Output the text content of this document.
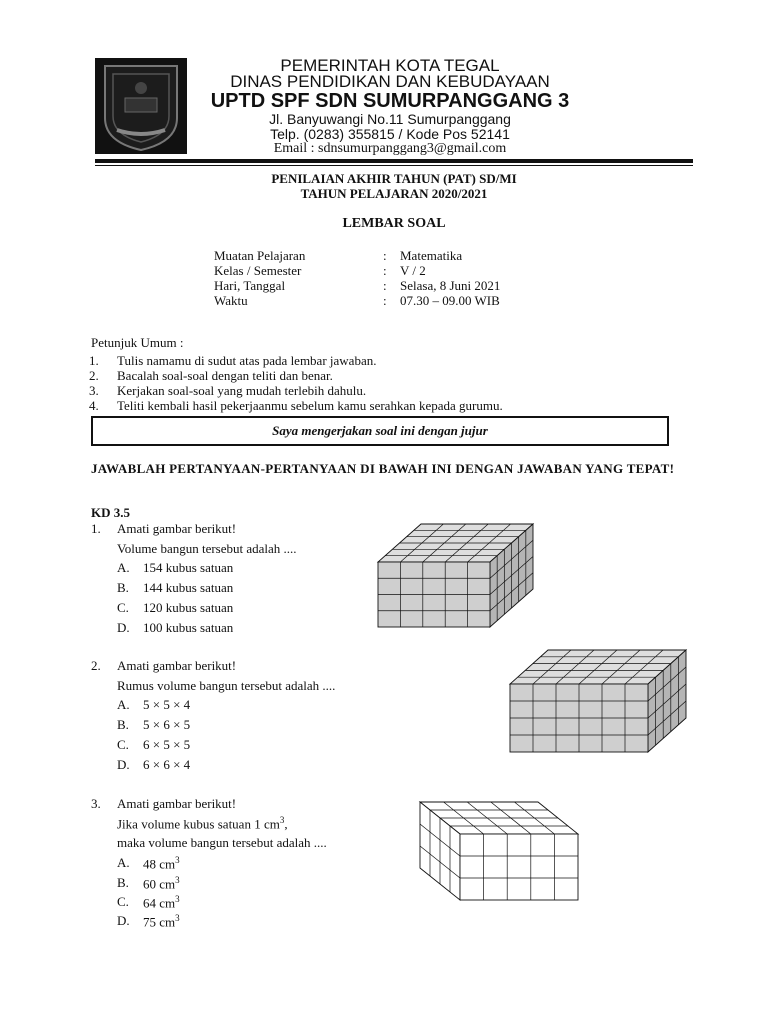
PEMERINTAH KOTA TEGAL
DINAS PENDIDIKAN DAN KEBUDAYAAN
UPTD SPF SDN SUMURPANGGANG 3
Jl. Banyuwangi No.11 Sumurpanggang
Telp. (0283) 355815 / Kode Pos 52141
Email : sdnsumurpanggang3@gmail.com
PENILAIAN AKHIR TAHUN (PAT) SD/MI
TAHUN PELAJARAN 2020/2021
LEMBAR SOAL
Muatan Pelajaran	: Matematika
Kelas / Semester	: V / 2
Hari, Tanggal	: Selasa, 8 Juni 2021
Waktu	: 07.30 – 09.00 WIB
Petunjuk Umum :
1. Tulis namamu di sudut atas pada lembar jawaban.
2. Bacalah soal-soal dengan teliti dan benar.
3. Kerjakan soal-soal yang mudah terlebih dahulu.
4. Teliti kembali hasil pekerjaanmu sebelum kamu serahkan kepada gurumu.
Saya mengerjakan soal ini dengan jujur
JAWABLAH PERTANYAAN-PERTANYAAN DI BAWAH INI DENGAN JAWABAN YANG TEPAT!
KD 3.5
1. Amati gambar berikut!
Volume bangun tersebut adalah ....
A. 154 kubus satuan
B. 144 kubus satuan
C. 120 kubus satuan
D. 100 kubus satuan
2. Amati gambar berikut!
Rumus volume bangun tersebut adalah ....
A. 5 × 5 × 4
B. 5 × 6 × 5
C. 6 × 5 × 5
D. 6 × 6 × 4
3. Amati gambar berikut!
Jika volume kubus satuan 1 $cm^3$,
maka volume bangun tersebut adalah ....
A. 48 $cm^3$
B. 60 $cm^3$
C. 64 $cm^3$
D. 75 $cm^3$
